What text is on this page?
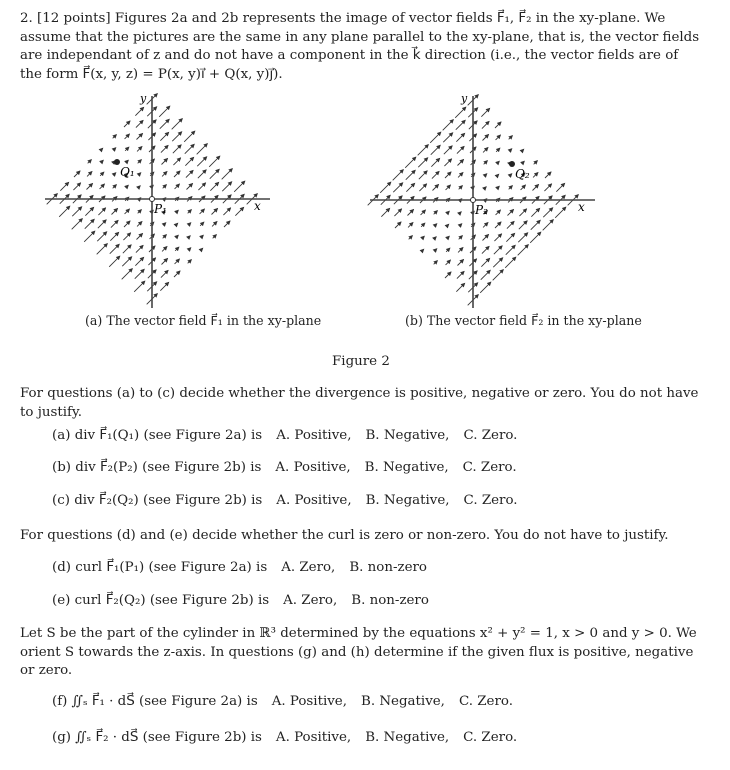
2. [12 points] Figures 2a and 2b represents the image of vector fields F⃗₁, F⃗₂ in the xy-plane. We assume that the pictures are the same in any plane parallel to the xy-plane, that is, the vector fields are independant of z and do not have a component in the k⃗ direction (i.e., the vector fields are of the form F⃗(x, y, z) = P(x, y)i⃗ + Q(x, y)j⃗).

x
y
Q₁
P₁	x
y
Q₂
P₂
(a) The vector field F⃗₁ in the xy-plane	(b) The vector field F⃗₂ in the xy-plane
Figure 2

For questions (a) to (c) decide whether the divergence is positive, negative or zero. You do not have to justify.

(a) div F⃗₁(Q₁) (see Figure 2a) is A. Positive, B. Negative, C. Zero.
(b) div F⃗₂(P₂) (see Figure 2b) is A. Positive, B. Negative, C. Zero.
(c) div F⃗₂(Q₂) (see Figure 2b) is A. Positive, B. Negative, C. Zero.

For questions (d) and (e) decide whether the curl is zero or non-zero. You do not have to justify.

(d) curl F⃗₁(P₁) (see Figure 2a) is A. Zero, B. non-zero
(e) curl F⃗₂(Q₂) (see Figure 2b) is A. Zero, B. non-zero

Let S be the part of the cylinder in ℝ³ determined by the equations x² + y² = 1, x > 0 and y > 0. We orient S towards the z-axis. In questions (g) and (h) determine if the given flux is positive, negative or zero.

(f) ∬ₛ F⃗₁ · dS⃗ (see Figure 2a) is A. Positive, B. Negative, C. Zero.
(g) ∬ₛ F⃗₂ · dS⃗ (see Figure 2b) is A. Positive, B. Negative, C. Zero.
